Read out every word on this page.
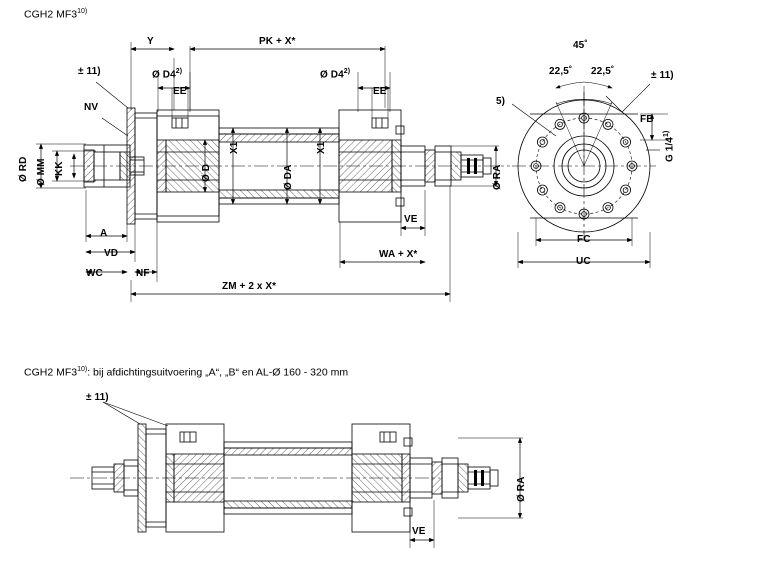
CGH2 MF3$^{10)}$
CGH2 MF3$^{10)}$: bij afdichtingsuitvoering „A“, „B“ en AL-Ø 160 - 320 mm
Y	PK + X*
± 11)	Ø D4$^{2)}$
EE
Ø D4$^{2)}$
EE
NV
Ø RD Ø MM KK
X1	X1
Ø D	Ø DA	Ø RA
A
VD
WC	NF
VE
WA + X*
ZM + 2 x X*
45˚
22,5˚ 22,5˚	± 11)
5)
FB
G 1/4$^{1)}$
FC
UC
± 11)
Ø RA
VE
